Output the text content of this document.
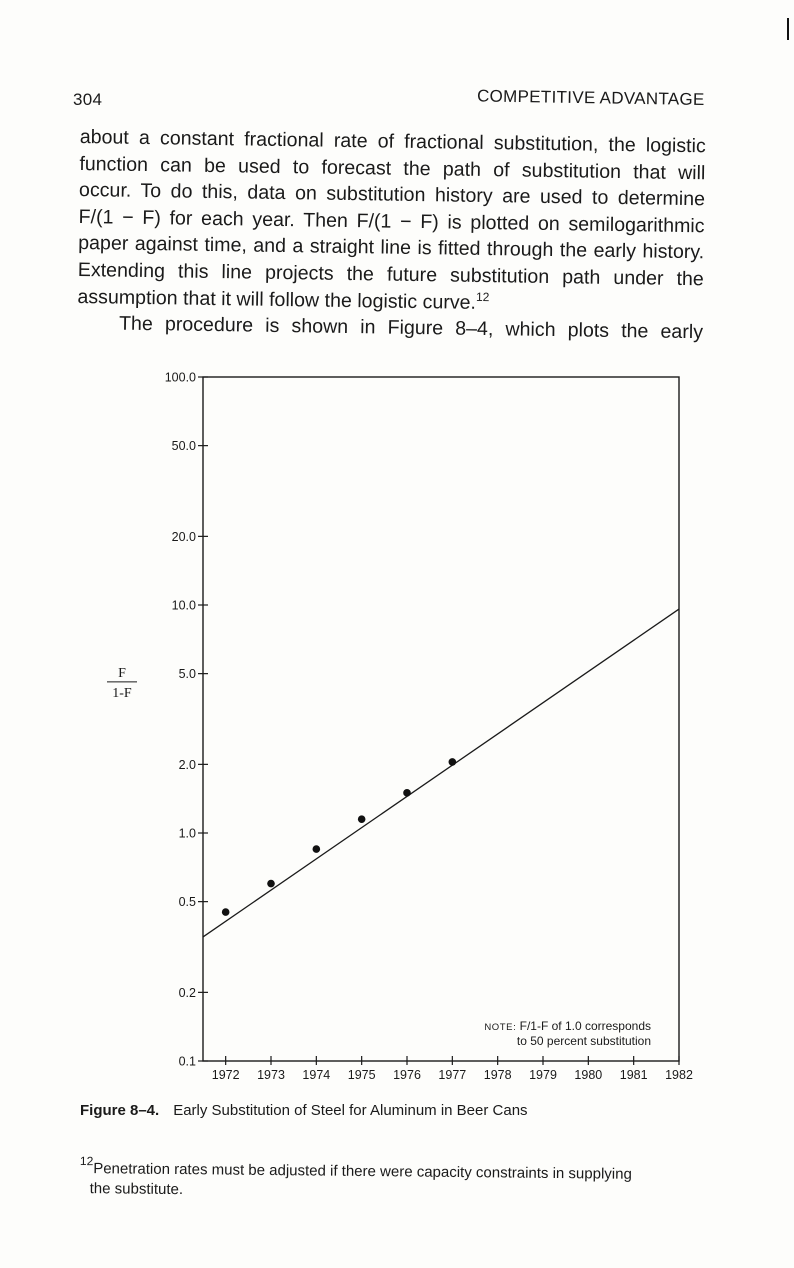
304	COMPETITIVE ADVANTAGE
about a constant fractional rate of fractional substitution, the logistic
function can be used to forecast the path of substitution that will
occur. To do this, data on substitution history are used to determine
F/(1 − F) for each year. Then F/(1 − F) is plotted on semilogarithmic
paper against time, and a straight line is fitted through the early history.
Extending this line projects the future substitution path under the
assumption that it will follow the logistic curve.$^{12}$
The procedure is shown in Figure 8–4, which plots the early
0.1
0.2
0.5
1.0
2.0
5.0
10.0
20.0
50.0
100.0
1972 1973 1974 1975 1976 1977 1978 1979 1980 1981 1982
F
1-F
NOTE: F/1-F of 1.0 corresponds
to 50 percent substitution
Figure 8–4. Early Substitution of Steel for Aluminum in Beer Cans
$^{12}$Penetration rates must be adjusted if there were capacity constraints in supplying
the substitute.
